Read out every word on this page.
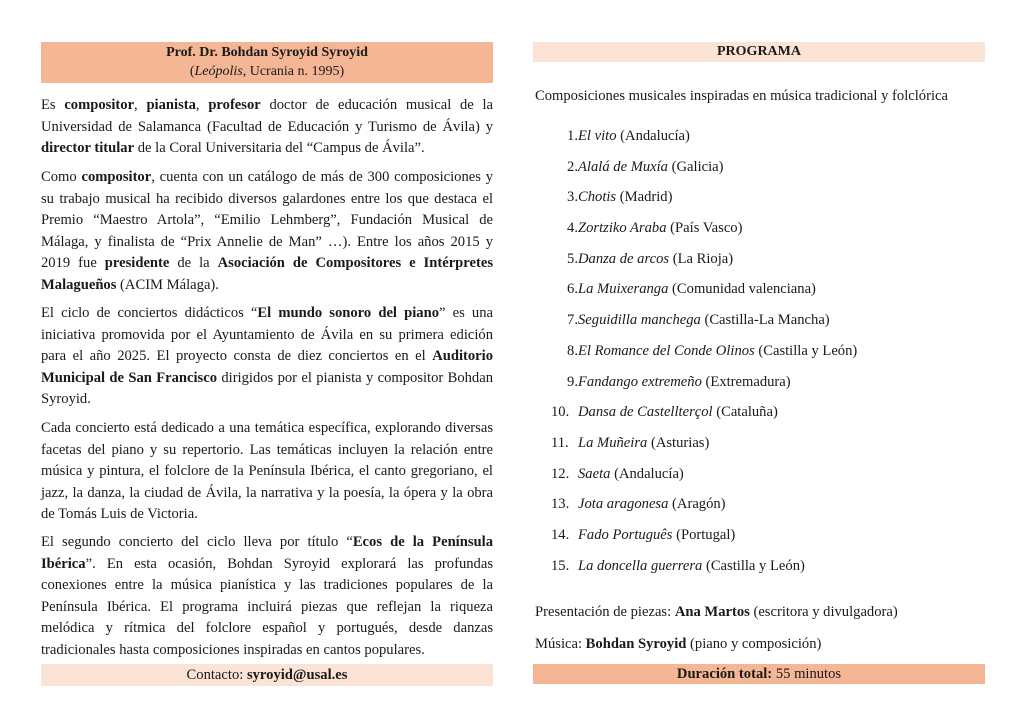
Prof. Dr. Bohdan Syroyid Syroyid
(Leópolis, Ucrania n. 1995)

Es compositor, pianista, profesor doctor de educación musical de la Universidad de Salamanca (Facultad de Educación y Turismo de Ávila) y director titular de la Coral Universitaria del “Campus de Ávila”.

Como compositor, cuenta con un catálogo de más de 300 composiciones y su trabajo musical ha recibido diversos galardones entre los que destaca el Premio “Maestro Artola”, “Emilio Lehmberg”, Fundación Musical de Málaga, y finalista de “Prix Annelie de Man” …). Entre los años 2015 y 2019 fue presidente de la Asociación de Compositores e Intérpretes Malagueños (ACIM Málaga).

El ciclo de conciertos didácticos “El mundo sonoro del piano” es una iniciativa promovida por el Ayuntamiento de Ávila en su primera edición para el año 2025. El proyecto consta de diez conciertos en el Auditorio Municipal de San Francisco dirigidos por el pianista y compositor Bohdan Syroyid.

Cada concierto está dedicado a una temática específica, explorando diversas facetas del piano y su repertorio. Las temáticas incluyen la relación entre música y pintura, el folclore de la Península Ibérica, el canto gregoriano, el jazz, la danza, la ciudad de Ávila, la narrativa y la poesía, la ópera y la obra de Tomás Luis de Victoria.

El segundo concierto del ciclo lleva por título “Ecos de la Península Ibérica”. En esta ocasión, Bohdan Syroyid explorará las profundas conexiones entre la música pianística y las tradiciones populares de la Península Ibérica. El programa incluirá piezas que reflejan la riqueza melódica y rítmica del folclore español y portugués, desde danzas tradicionales hasta composiciones inspiradas en cantos populares.

Contacto: syroyid@usal.es
PROGRAMA
Composiciones musicales inspiradas en música tradicional y folclórica
1. El vito (Andalucía)
2. Alalá de Muxía (Galicia)
3. Chotis (Madrid)
4. Zortziko Araba (País Vasco)
5. Danza de arcos (La Rioja)
6. La Muixeranga (Comunidad valenciana)
7. Seguidilla manchega (Castilla-La Mancha)
8. El Romance del Conde Olinos (Castilla y León)
9. Fandango extremeño (Extremadura)
10. Dansa de Castellterçol (Cataluña)
11. La Muñeira (Asturias)
12. Saeta (Andalucía)
13. Jota aragonesa (Aragón)
14. Fado Português (Portugal)
15. La doncella guerrera (Castilla y León)
Presentación de piezas: Ana Martos (escritora y divulgadora)
Música: Bohdan Syroyid (piano y composición)
Duración total: 55 minutos
